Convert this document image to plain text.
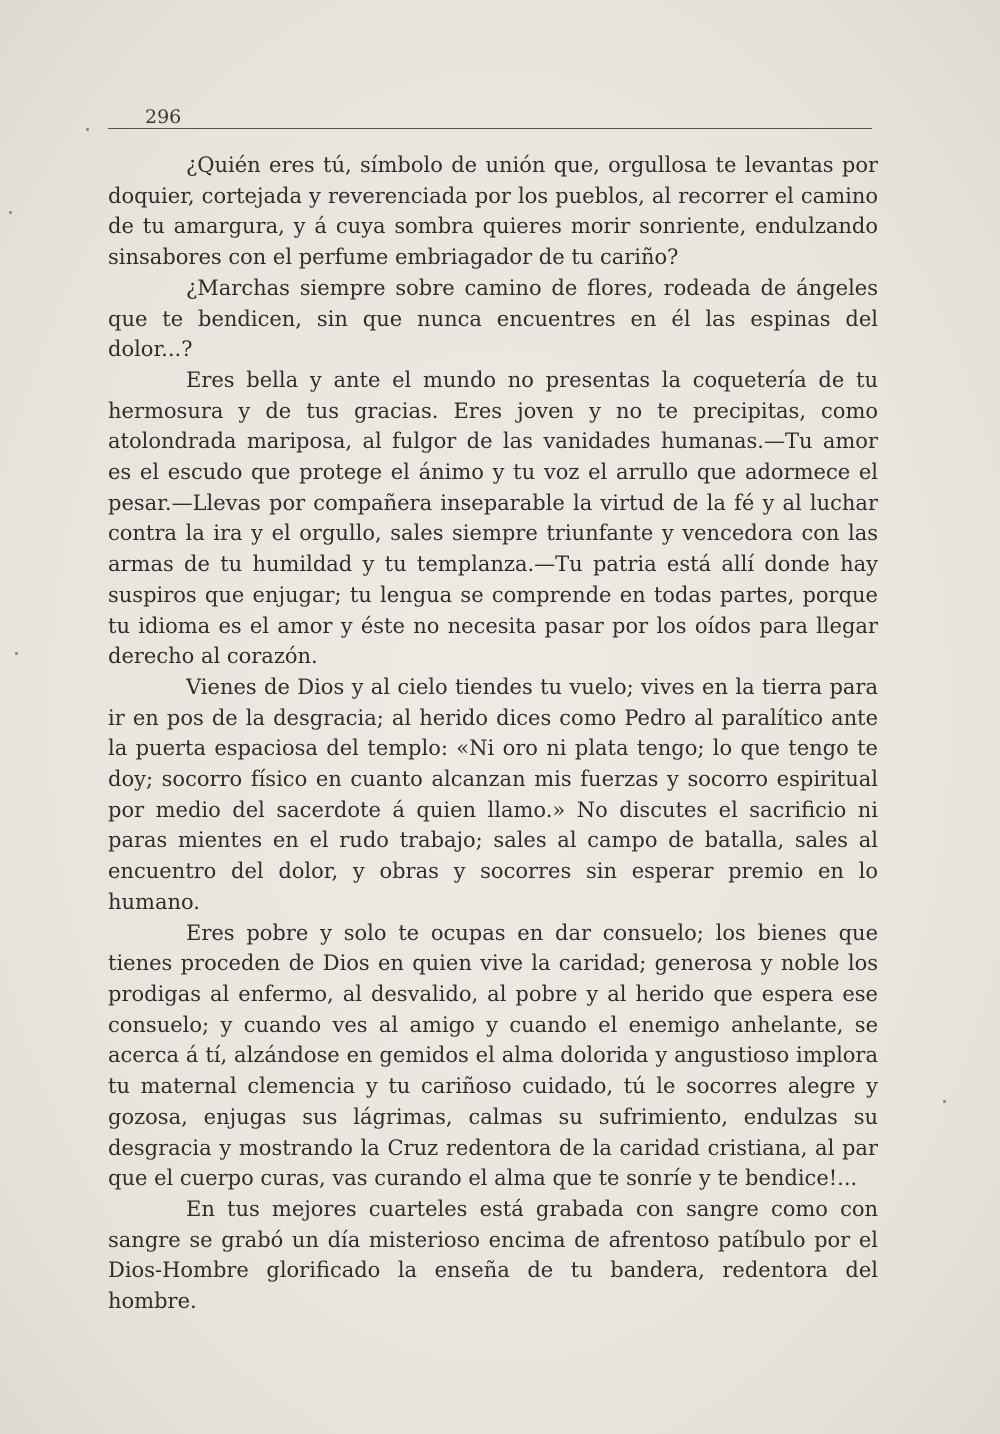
296

¿Quién eres tú, símbolo de unión que, orgullosa te levantas por doquier, cortejada y reverenciada por los pueblos, al recorrer el camino de tu amargura, y á cuya sombra quieres morir sonriente, endulzando sinsabores con el perfume embriagador de tu cariño?

¿Marchas siempre sobre camino de flores, rodeada de ángeles que te bendicen, sin que nunca encuentres en él las espinas del dolor...?

Eres bella y ante el mundo no presentas la coquetería de tu hermosura y de tus gracias. Eres joven y no te precipitas, como atolondrada mariposa, al fulgor de las vanidades humanas.—Tu amor es el escudo que protege el ánimo y tu voz el arrullo que adormece el pesar.—Llevas por compañera inseparable la virtud de la fé y al luchar contra la ira y el orgullo, sales siempre triunfante y vencedora con las armas de tu humildad y tu templanza.—Tu patria está allí donde hay suspiros que enjugar; tu lengua se comprende en todas partes, porque tu idioma es el amor y éste no necesita pasar por los oídos para llegar derecho al corazón.

Vienes de Dios y al cielo tiendes tu vuelo; vives en la tierra para ir en pos de la desgracia; al herido dices como Pedro al paralítico ante la puerta espaciosa del templo: «Ni oro ni plata tengo; lo que tengo te doy; socorro físico en cuanto alcanzan mis fuerzas y socorro espiritual por medio del sacerdote á quien llamo.» No discutes el sacrificio ni paras mientes en el rudo trabajo; sales al campo de batalla, sales al encuentro del dolor, y obras y socorres sin esperar premio en lo humano.

Eres pobre y solo te ocupas en dar consuelo; los bienes que tienes proceden de Dios en quien vive la caridad; generosa y noble los prodigas al enfermo, al desvalido, al pobre y al herido que espera ese consuelo; y cuando ves al amigo y cuando el enemigo anhelante, se acerca á tí, alzándose en gemidos el alma dolorida y angustioso implora tu maternal clemencia y tu cariñoso cuidado, tú le socorres alegre y gozosa, enjugas sus lágrimas, calmas su sufrimiento, endulzas su desgracia y mostrando la Cruz redentora de la caridad cristiana, al par que el cuerpo curas, vas curando el alma que te sonríe y te bendice!...

En tus mejores cuarteles está grabada con sangre como con sangre se grabó un día misterioso encima de afrentoso patíbulo por el Dios-Hombre glorificado la enseña de tu bandera, redentora del hombre.
